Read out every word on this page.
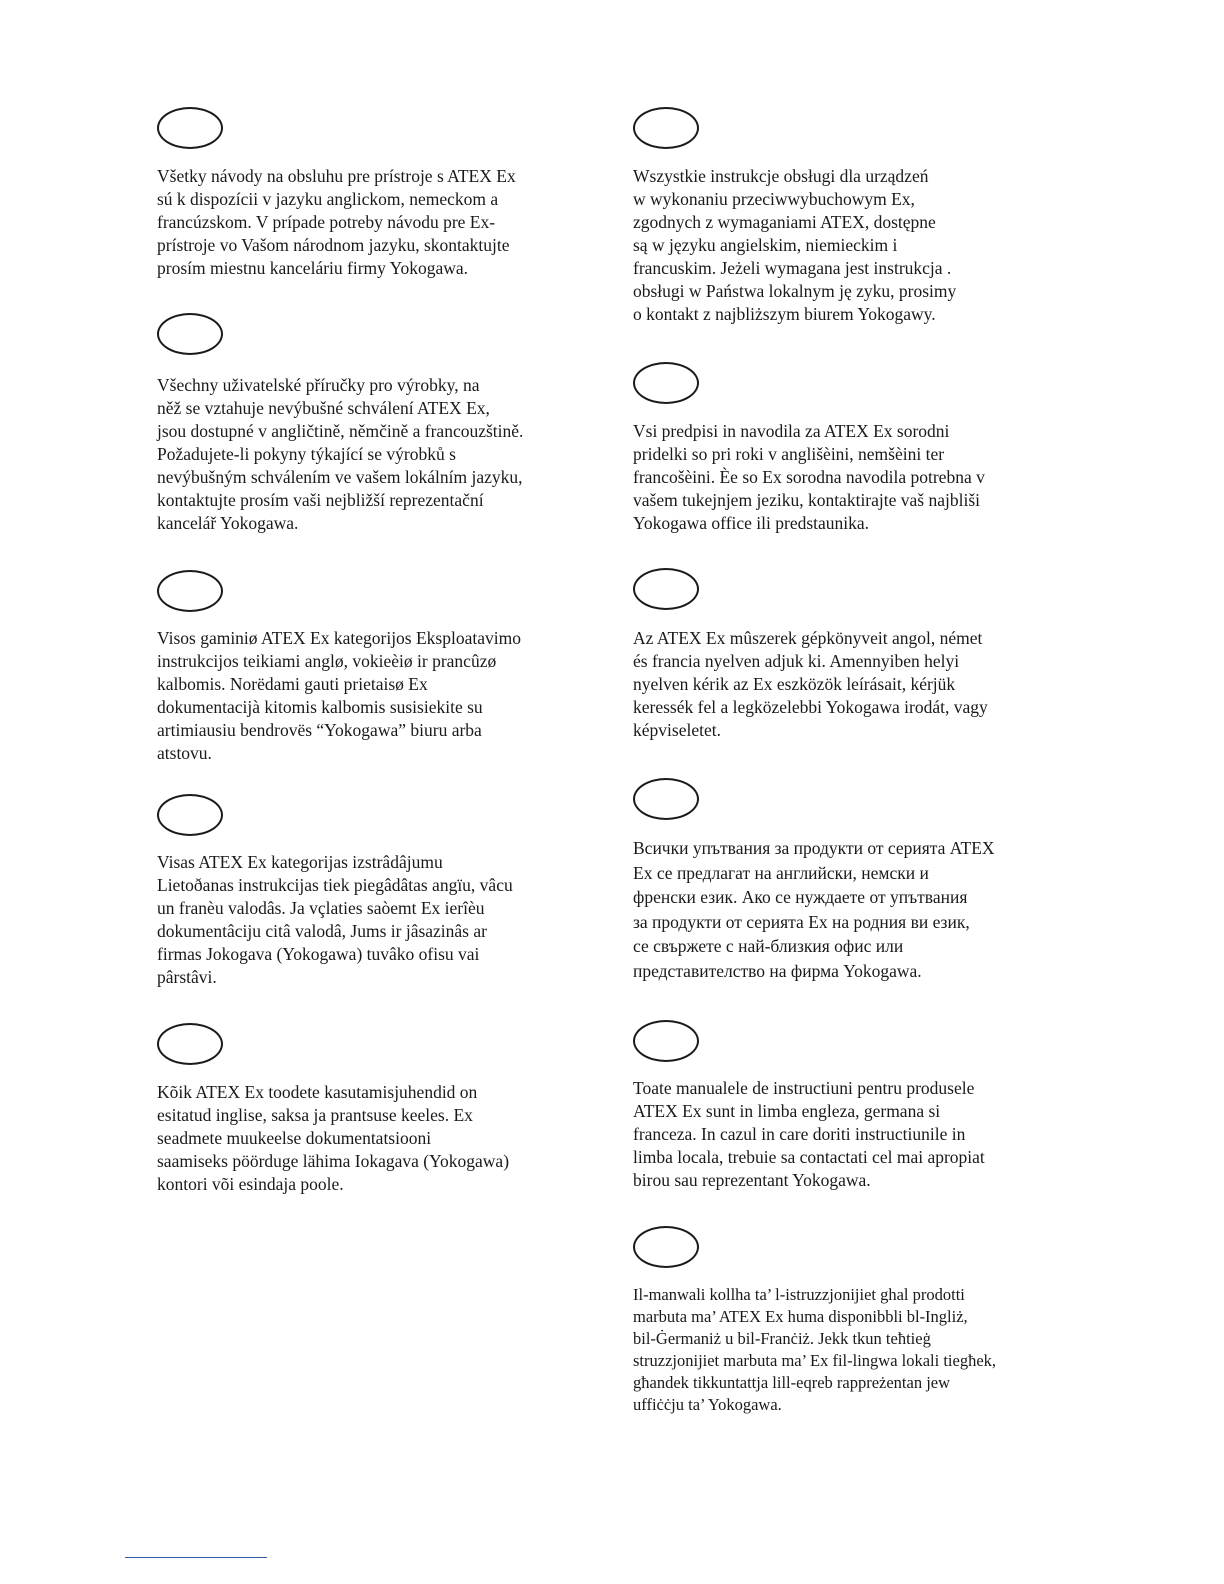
Všetky návody na obsluhu pre prístroje s ATEX Ex
sú k dispozícii v jazyku anglickom, nemeckom a
francúzskom. V prípade potreby návodu pre Ex-
prístroje vo Vašom národnom jazyku, skontaktujte
prosím miestnu kanceláriu firmy Yokogawa.

Všechny uživatelské příručky pro výrobky, na
něž se vztahuje nevýbušné schválení ATEX Ex,
jsou dostupné v angličtině, němčině a francouzštině.
Požadujete-li pokyny týkající se výrobků s
nevýbušným schválením ve vašem lokálním jazyku,
kontaktujte prosím vaši nejbližší reprezentační
kancelář Yokogawa.

Visos gaminiø ATEX Ex kategorijos Eksploatavimo
instrukcijos teikiami anglø, vokieèiø ir prancûzø
kalbomis. Norëdami gauti prietaisø Ex
dokumentacijà kitomis kalbomis susisiekite su
artimiausiu bendrovës “Yokogawa” biuru arba
atstovu.

Visas ATEX Ex kategorijas izstrâdâjumu
Lietoðanas instrukcijas tiek piegâdâtas angïu, vâcu
un franèu valodâs. Ja vçlaties saòemt Ex ierîèu
dokumentâciju citâ valodâ, Jums ir jâsazinâs ar
firmas Jokogava (Yokogawa) tuvâko ofisu vai
pârstâvi.

Kõik ATEX Ex toodete kasutamisjuhendid on
esitatud inglise, saksa ja prantsuse keeles. Ex
seadmete muukeelse dokumentatsiooni
saamiseks pöörduge lähima Iokagava (Yokogawa)
kontori või esindaja poole.

Wszystkie instrukcje obsługi dla urządzeń
w wykonaniu przeciwwybuchowym Ex,
zgodnych z wymaganiami ATEX, dostępne
są w języku angielskim, niemieckim i
francuskim. Jeżeli wymagana jest instrukcja .
obsługi w Państwa lokalnym ję zyku, prosimy
o kontakt z najbliższym biurem Yokogawy.

Vsi predpisi in navodila za ATEX Ex sorodni
pridelki so pri roki v anglišèini, nemšèini ter
francošèini. Èe so Ex sorodna navodila potrebna v
vašem tukejnjem jeziku, kontaktirajte vaš najbliši
Yokogawa office ili predstaunika.

Az ATEX Ex mûszerek gépkönyveit angol, német
és francia nyelven adjuk ki. Amennyiben helyi
nyelven kérik az Ex eszközök leírásait, kérjük
keressék fel a legközelebbi Yokogawa irodát, vagy
képviseletet.

Всички упътвания за продукти от серията ATEX
Ex се предлагат на английски, немски и
френски език. Ако се нуждаете от упътвания
за продукти от серията Ex на родния ви език,
се свържете с най-близкия офис или
представителство на фирма Yokogawa.

Toate manualele de instructiuni pentru produsele
ATEX Ex sunt in limba engleza, germana si
franceza. In cazul in care doriti instructiunile in
limba locala, trebuie sa contactati cel mai apropiat
birou sau reprezentant Yokogawa.

Il-manwali kollha ta’ l-istruzzjonijiet ghal prodotti
marbuta ma’ ATEX Ex huma disponibbli bl-Ingliż,
bil-Ġermaniż u bil-Franċiż. Jekk tkun teħtieġ
struzzjonijiet marbuta ma’ Ex fil-lingwa lokali tiegħek,
għandek tikkuntattja lill-eqreb rappreżentan jew
uffiċċju ta’ Yokogawa.
